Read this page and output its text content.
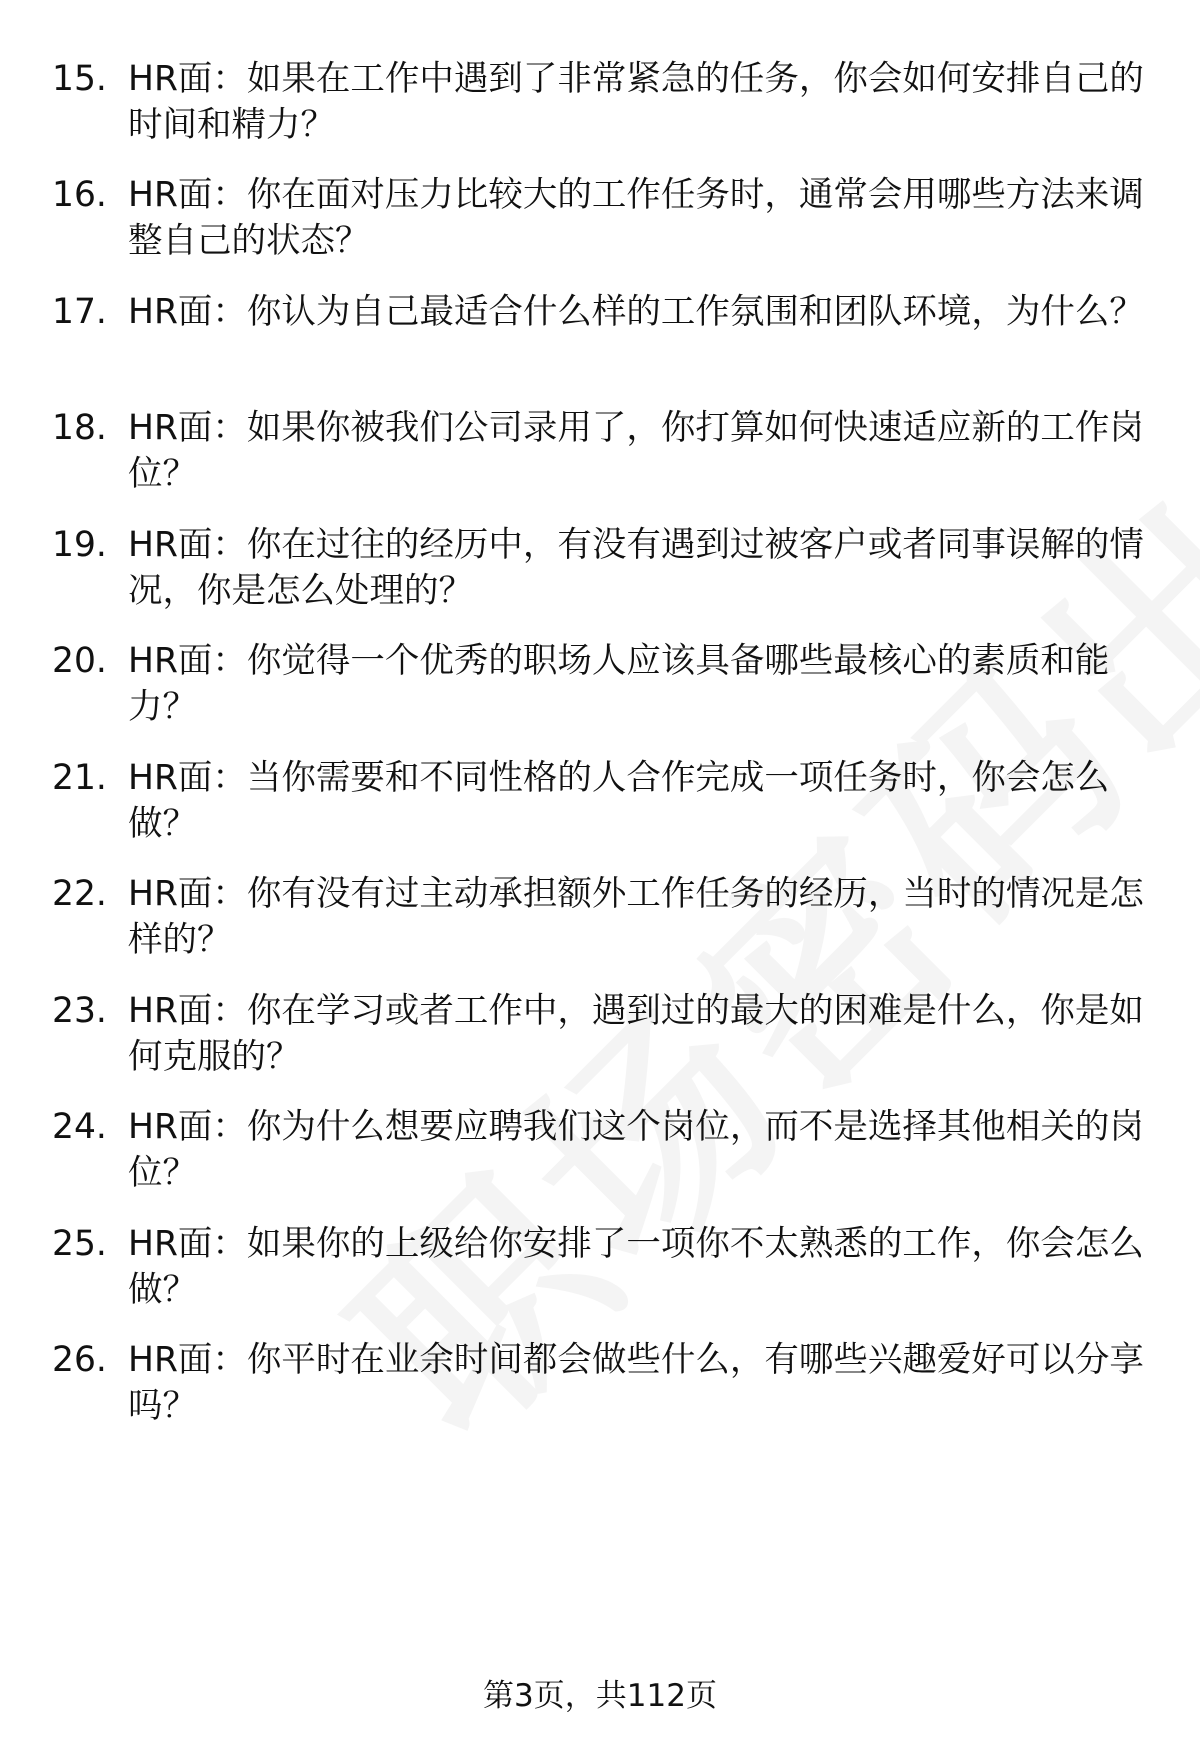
15. HR面：如果在工作中遇到了非常紧急的任务，你会如何安排自己的时间和精力？
16. HR面：你在面对压力比较大的工作任务时，通常会用哪些方法来调整自己的状态？
17. HR面：你认为自己最适合什么样的工作氛围和团队环境，为什么？
18. HR面：如果你被我们公司录用了，你打算如何快速适应新的工作岗位？
19. HR面：你在过往的经历中，有没有遇到过被客户或者同事误解的情况，你是怎么处理的？
20. HR面：你觉得一个优秀的职场人应该具备哪些最核心的素质和能力？
21. HR面：当你需要和不同性格的人合作完成一项任务时，你会怎么做？
22. HR面：你有没有过主动承担额外工作任务的经历，当时的情况是怎样的？
23. HR面：你在学习或者工作中，遇到过的最大的困难是什么，你是如何克服的？
24. HR面：你为什么想要应聘我们这个岗位，而不是选择其他相关的岗位？
25. HR面：如果你的上级给你安排了一项你不太熟悉的工作，你会怎么做？
26. HR面：你平时在业余时间都会做些什么，有哪些兴趣爱好可以分享吗？
第3页，共112页
